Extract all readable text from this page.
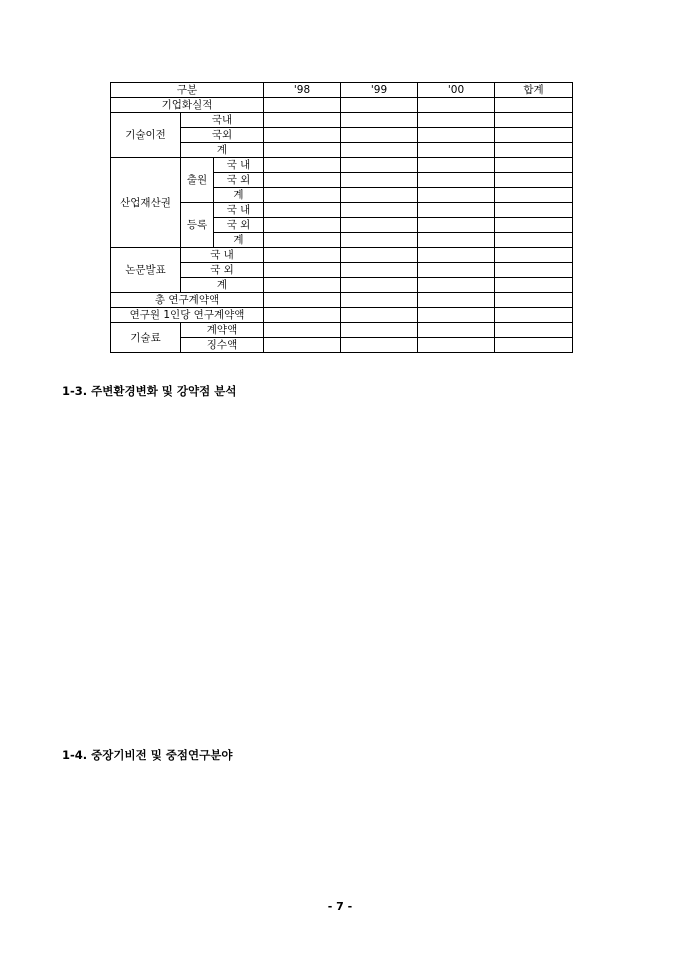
구분			'98	'99	'00	합계
기업화실적						
기술이전	국내					
	국외					
	계					
산업재산권	출원	국 내				
		국 외				
		계				
	등록	국 내				
		국 외				
		계				
논문발표	국 내					
	국 외					
	계					
총 연구계약액						
연구원 1인당 연구계약액						
기술료	계약액					
	징수액					
1-3. 주변환경변화 및 강약점 분석
1-4. 중장기비전 및 중점연구분야
- 7 -
